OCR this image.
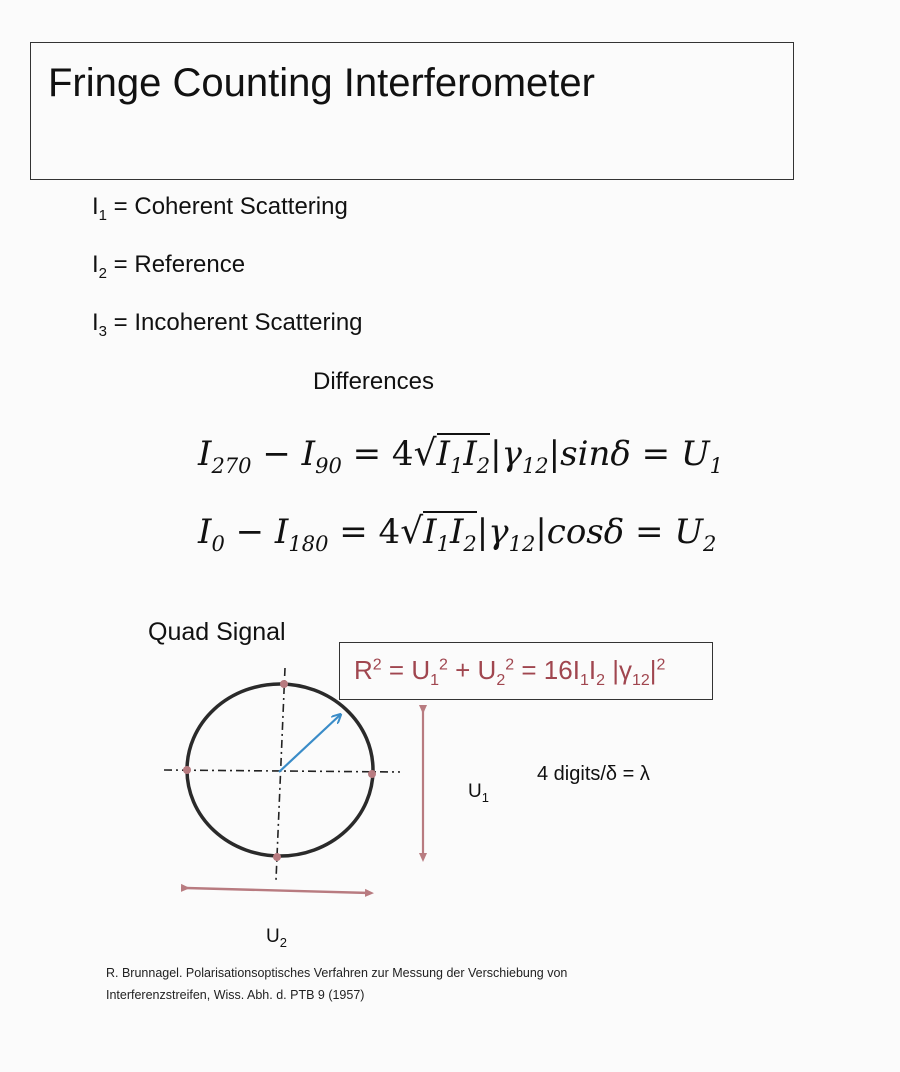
Fringe Counting Interferometer
$I_1$ = Coherent Scattering
$I_2$ = Reference
$I_3$ = Incoherent Scattering
Differences
$I_{270} - I_{90} = 4√I_1I_2|\gamma_{12}|\sin\delta = U_1$
$I_0 - I_{180} = 4√I_1I_2|\gamma_{12}|\cos\delta = U_2$
Quad Signal
$R^2 = U_1^2 + U_2^2 = 16I_1I_2$ $|\gamma_{12}|^2$
$U_1$
4 digits/δ = λ
$U_2$
R. Brunnagel. Polarisationsoptisches Verfahren zur Messung der Verschiebung von
Interferenzstreifen, Wiss. Abh. d. PTB 9 (1957)
